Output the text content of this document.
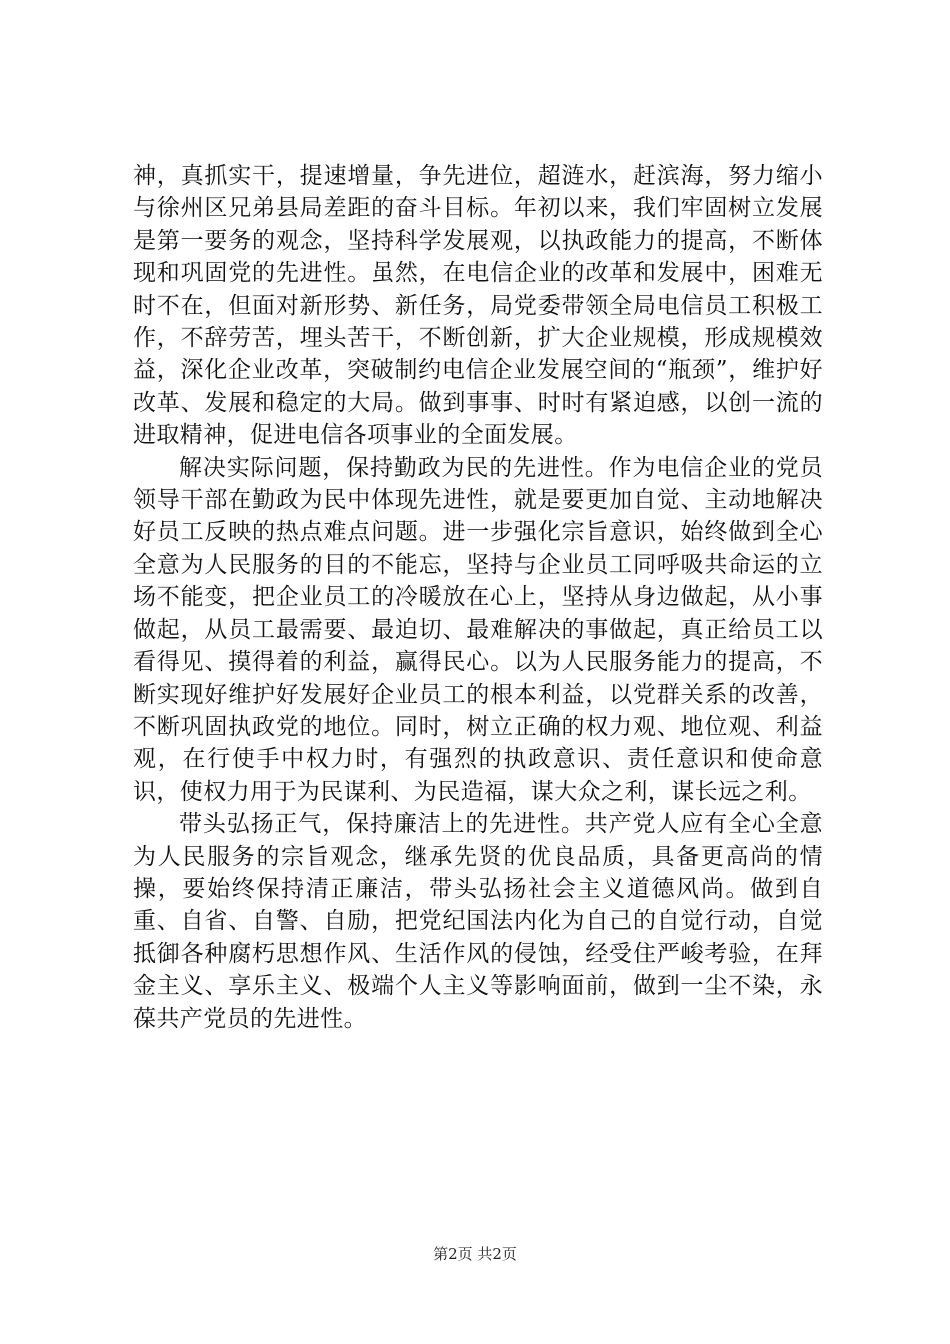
神，真抓实干，提速增量，争先进位，超涟水，赶滨海，努力缩小与徐州区兄弟县局差距的奋斗目标。年初以来，我们牢固树立发展是第一要务的观念，坚持科学发展观，以执政能力的提高，不断体现和巩固党的先进性。虽然，在电信企业的改革和发展中，困难无时不在，但面对新形势、新任务，局党委带领全局电信员工积极工作，不辞劳苦，埋头苦干，不断创新，扩大企业规模，形成规模效益，深化企业改革，突破制约电信企业发展空间的“瓶颈”，维护好改革、发展和稳定的大局。做到事事、时时有紧迫感，以创一流的进取精神，促进电信各项事业的全面发展。

解决实际问题，保持勤政为民的先进性。作为电信企业的党员领导干部在勤政为民中体现先进性，就是要更加自觉、主动地解决好员工反映的热点难点问题。进一步强化宗旨意识，始终做到全心全意为人民服务的目的不能忘，坚持与企业员工同呼吸共命运的立场不能变，把企业员工的冷暖放在心上，坚持从身边做起，从小事做起，从员工最需要、最迫切、最难解决的事做起，真正给员工以看得见、摸得着的利益，赢得民心。以为人民服务能力的提高，不断实现好维护好发展好企业员工的根本利益，以党群关系的改善，不断巩固执政党的地位。同时，树立正确的权力观、地位观、利益观，在行使手中权力时，有强烈的执政意识、责任意识和使命意识，使权力用于为民谋利、为民造福，谋大众之利，谋长远之利。

带头弘扬正气，保持廉洁上的先进性。共产党人应有全心全意为人民服务的宗旨观念，继承先贤的优良品质，具备更高尚的情操，要始终保持清正廉洁，带头弘扬社会主义道德风尚。做到自重、自省、自警、自励，把党纪国法内化为自己的自觉行动，自觉抵御各种腐朽思想作风、生活作风的侵蚀，经受住严峻考验，在拜金主义、享乐主义、极端个人主义等影响面前，做到一尘不染，永葆共产党员的先进性。

第2页 共2页
